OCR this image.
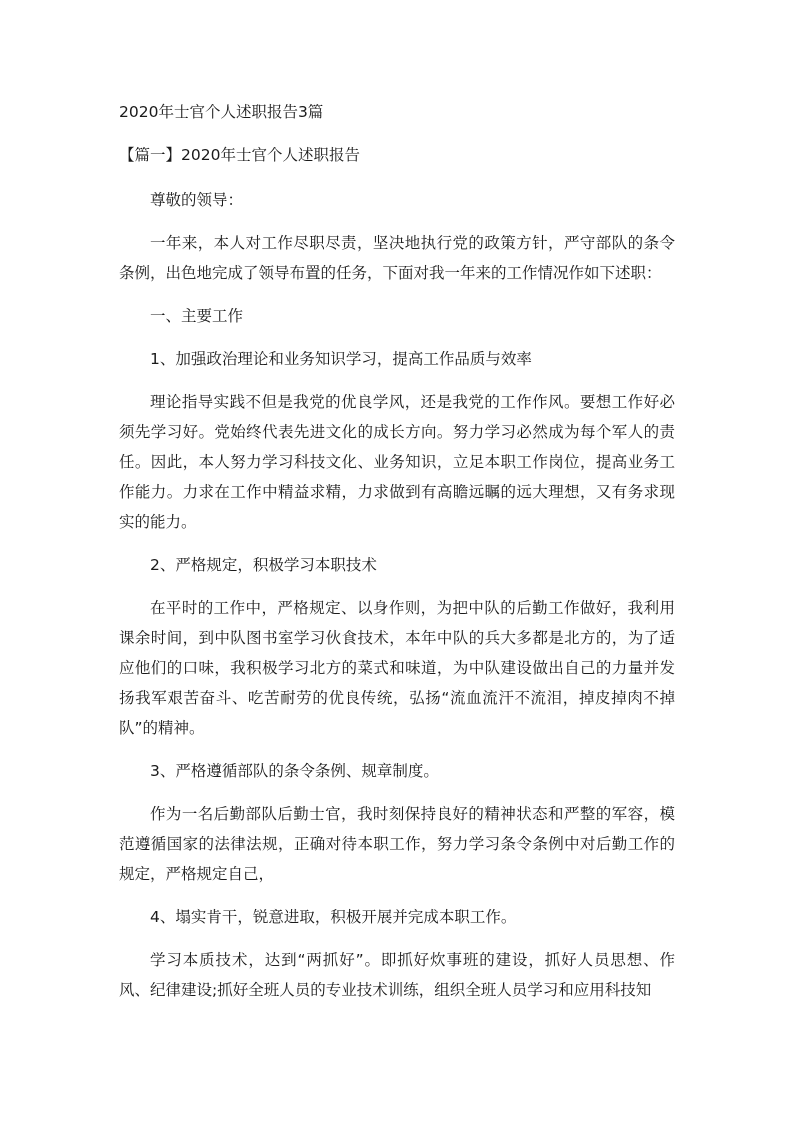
2020年士官个人述职报告3篇
【篇一】2020年士官个人述职报告

尊敬的领导：

一年来，本人对工作尽职尽责，坚决地执行党的政策方针，严守部队的条令条例，出色地完成了领导布置的任务，下面对我一年来的工作情况作如下述职：

一、主要工作

1、加强政治理论和业务知识学习，提高工作品质与效率

理论指导实践不但是我党的优良学风，还是我党的工作作风。要想工作好必须先学习好。党始终代表先进文化的成长方向。努力学习必然成为每个军人的责任。因此，本人努力学习科技文化、业务知识，立足本职工作岗位，提高业务工作能力。力求在工作中精益求精，力求做到有高瞻远瞩的远大理想，又有务求现实的能力。

2、严格规定，积极学习本职技术

在平时的工作中，严格规定、以身作则，为把中队的后勤工作做好，我利用课余时间，到中队图书室学习伙食技术，本年中队的兵大多都是北方的，为了适应他们的口味，我积极学习北方的菜式和味道，为中队建设做出自己的力量并发扬我军艰苦奋斗、吃苦耐劳的优良传统，弘扬“流血流汗不流泪，掉皮掉肉不掉队”的精神。

3、严格遵循部队的条令条例、规章制度。

作为一名后勤部队后勤士官，我时刻保持良好的精神状态和严整的军容，模范遵循国家的法律法规，正确对待本职工作，努力学习条令条例中对后勤工作的规定，严格规定自己，

4、塌实肯干，锐意进取，积极开展并完成本职工作。

学习本质技术，达到“两抓好”。即抓好炊事班的建设，抓好人员思想、作风、纪律建设;抓好全班人员的专业技术训练，组织全班人员学习和应用科技知
